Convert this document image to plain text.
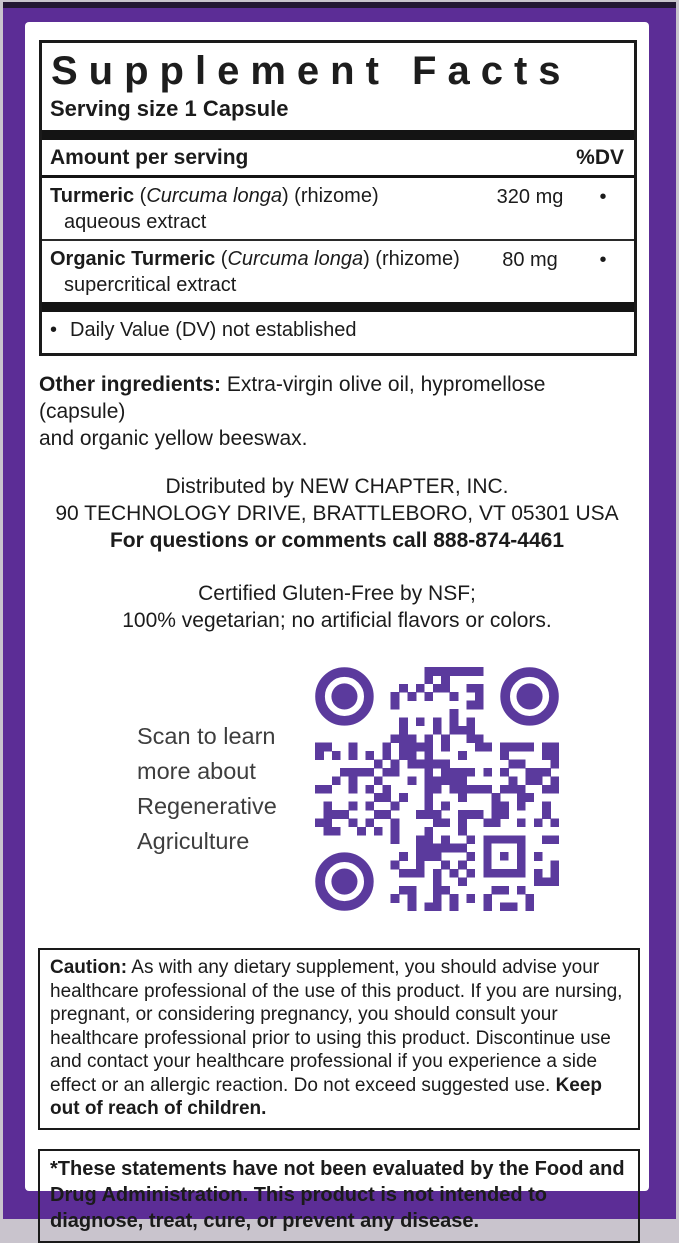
Supplement Facts
Serving size 1 Capsule
Amount per serving	%DV
Turmeric (Curcuma longa) (rhizome)
aqueous extract
320 mg	•
Organic Turmeric (Curcuma longa) (rhizome)
supercritical extract
80 mg	•
• Daily Value (DV) not established
Other ingredients: Extra-virgin olive oil, hypromellose (capsule)
and organic yellow beeswax.
Distributed by NEW CHAPTER, INC.
90 TECHNOLOGY DRIVE, BRATTLEBORO, VT 05301 USA
For questions or comments call 888-874-4461
Certified Gluten-Free by NSF;
100% vegetarian; no artificial flavors or colors.
Scan to learn
more about
Regenerative
Agriculture
Caution: As with any dietary supplement, you should advise your healthcare professional of the use of this product. If you are nursing, pregnant, or considering pregnancy, you should consult your healthcare professional prior to using this product. Discontinue use and contact your healthcare professional if you experience a side effect or an allergic reaction. Do not exceed suggested use. Keep out of reach of children.
*These statements have not been evaluated by the Food and Drug Administration. This product is not intended to diagnose, treat, cure, or prevent any disease.
